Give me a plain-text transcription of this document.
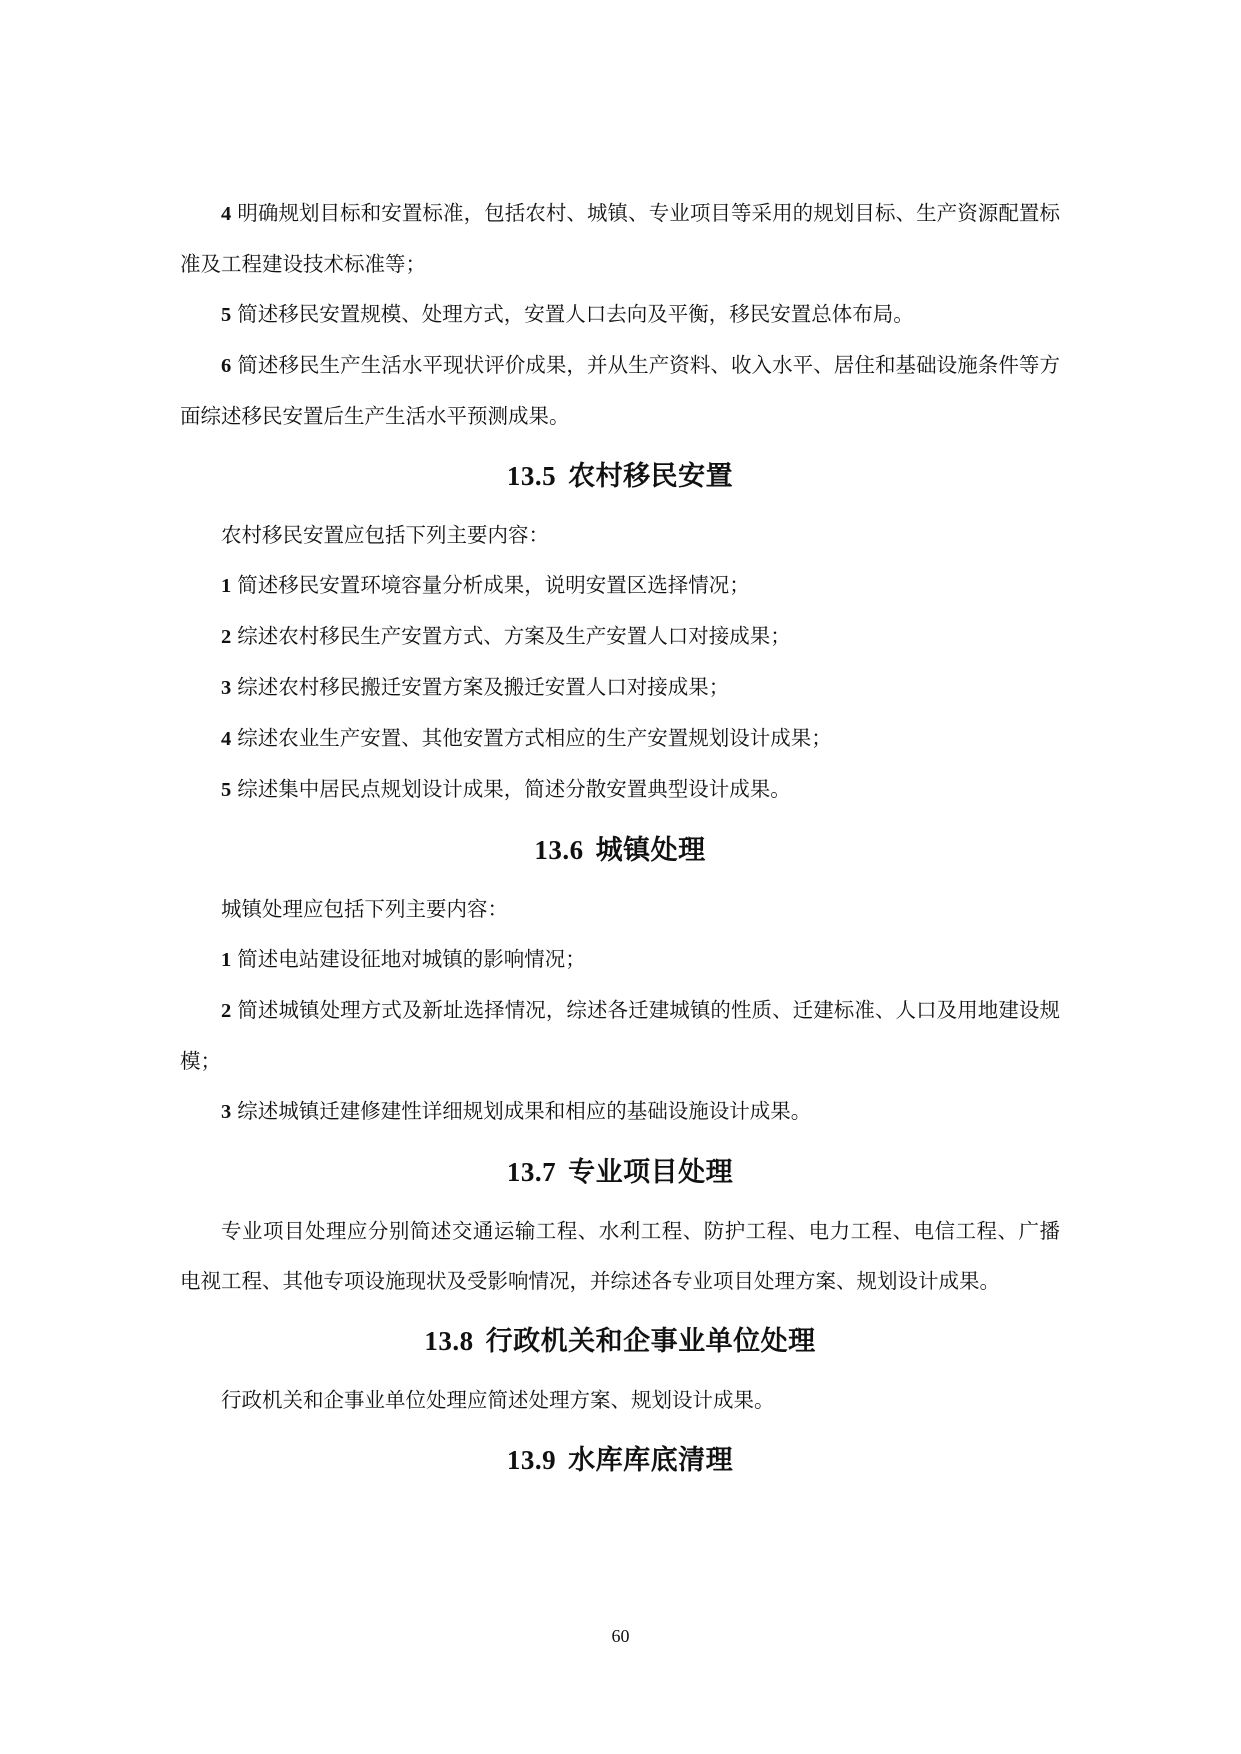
4 明确规划目标和安置标准，包括农村、城镇、专业项目等采用的规划目标、生产资源配置标准及工程建设技术标准等；

5 简述移民安置规模、处理方式，安置人口去向及平衡，移民安置总体布局。

6 简述移民生产生活水平现状评价成果，并从生产资料、收入水平、居住和基础设施条件等方面综述移民安置后生产生活水平预测成果。

13.5 农村移民安置

农村移民安置应包括下列主要内容：

1 简述移民安置环境容量分析成果，说明安置区选择情况；

2 综述农村移民生产安置方式、方案及生产安置人口对接成果；

3 综述农村移民搬迁安置方案及搬迁安置人口对接成果；

4 综述农业生产安置、其他安置方式相应的生产安置规划设计成果；

5 综述集中居民点规划设计成果，简述分散安置典型设计成果。

13.6 城镇处理

城镇处理应包括下列主要内容：

1 简述电站建设征地对城镇的影响情况；

2 简述城镇处理方式及新址选择情况，综述各迁建城镇的性质、迁建标准、人口及用地建设规模；

3 综述城镇迁建修建性详细规划成果和相应的基础设施设计成果。

13.7 专业项目处理

专业项目处理应分别简述交通运输工程、水利工程、防护工程、电力工程、电信工程、广播电视工程、其他专项设施现状及受影响情况，并综述各专业项目处理方案、规划设计成果。

13.8 行政机关和企事业单位处理

行政机关和企事业单位处理应简述处理方案、规划设计成果。

13.9 水库库底清理
60
